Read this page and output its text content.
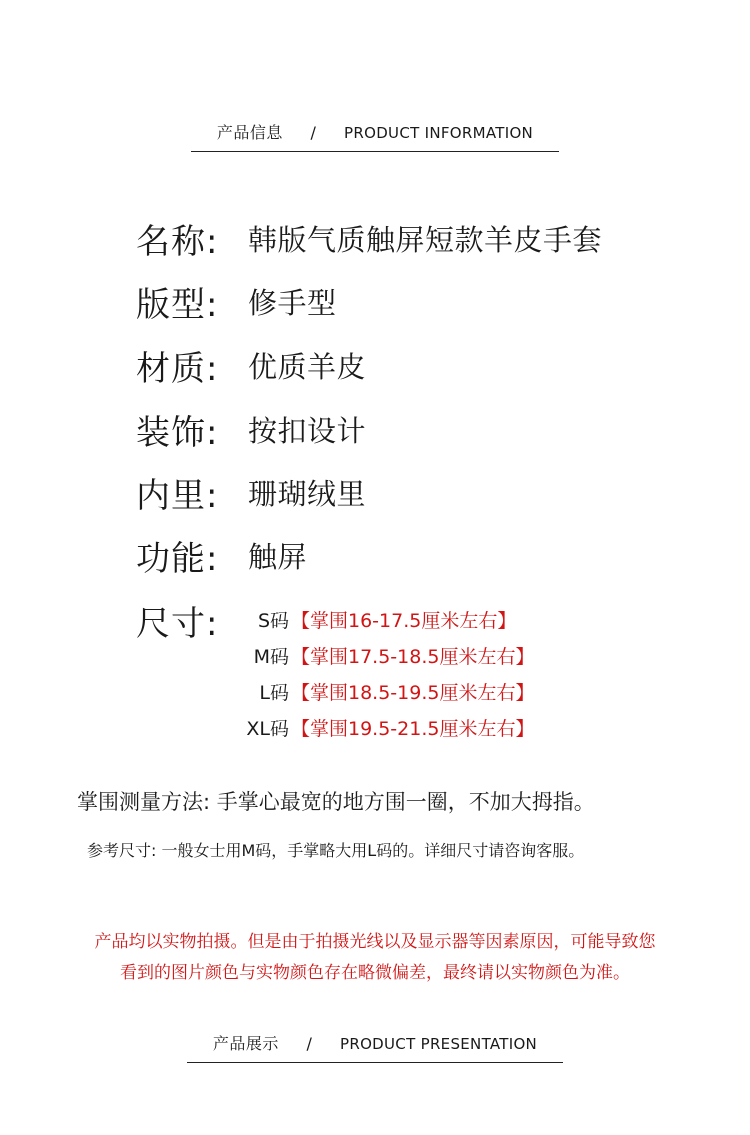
产品信息 / PRODUCT INFORMATION
名称:	韩版气质触屏短款羊皮手套
版型:	修手型
材质:	优质羊皮
装饰:	按扣设计
内里:	珊瑚绒里
功能:	触屏
尺寸:	S码 【掌围16-17.5厘米左右】
M码 【掌围17.5-18.5厘米左右】
L码 【掌围18.5-19.5厘米左右】
XL码 【掌围19.5-21.5厘米左右】
掌围测量方法: 手掌心最宽的地方围一圈，不加大拇指。
参考尺寸: 一般女士用M码，手掌略大用L码的。详细尺寸请咨询客服。
产品均以实物拍摄。但是由于拍摄光线以及显示器等因素原因，可能导致您
看到的图片颜色与实物颜色存在略微偏差，最终请以实物颜色为准。
产品展示 / PRODUCT PRESENTATION
